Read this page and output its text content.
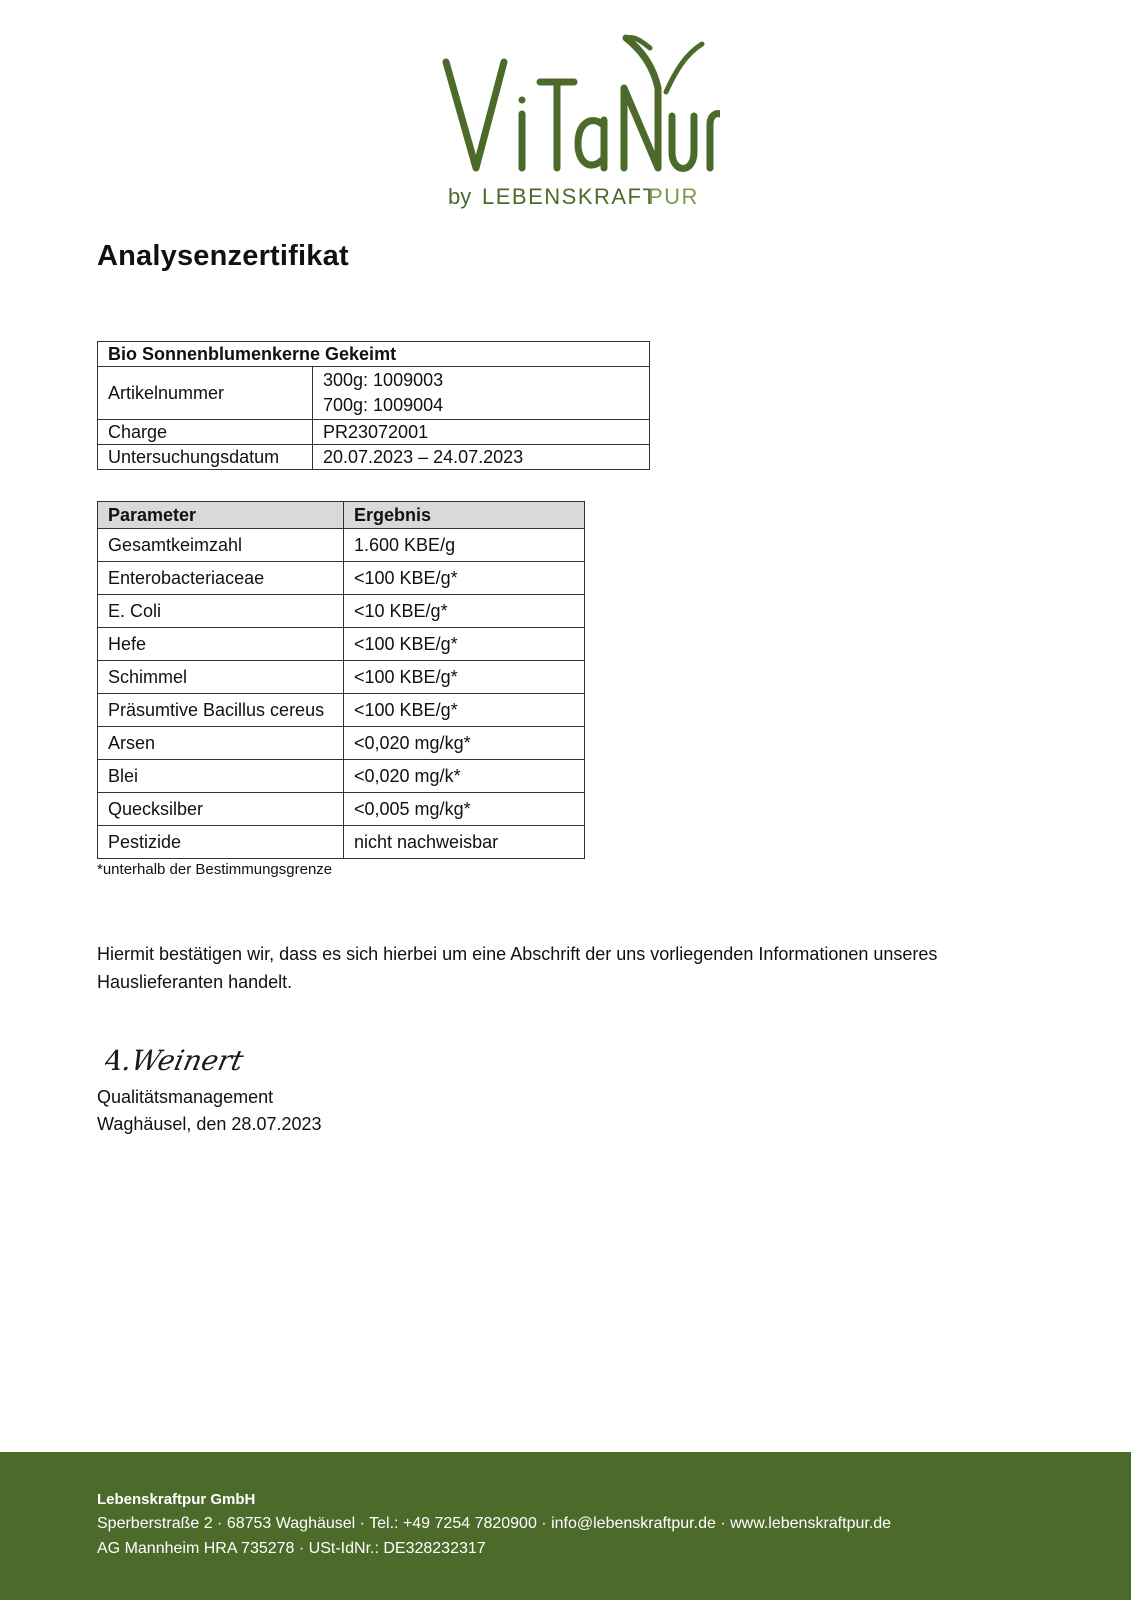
by LEBENSKRAFT
PUR
Analysenzertifikat
Bio Sonnenblumenkerne Gekeimt	
Artikelnummer	300g: 1009003
700g: 1009004

Charge	PR23072001
Untersuchungsdatum	20.07.2023 – 24.07.2023
Parameter	Ergebnis
Gesamtkeimzahl	1.600 KBE/g
Enterobacteriaceae	<100 KBE/g*
E. Coli	<10 KBE/g*
Hefe	<100 KBE/g*
Schimmel	<100 KBE/g*
Präsumtive Bacillus cereus	<100 KBE/g*
Arsen	<0,020 mg/kg*
Blei	<0,020 mg/k*
Quecksilber	<0,005 mg/kg*
Pestizide	nicht nachweisbar
*unterhalb der Bestimmungsgrenze

Hiermit bestätigen wir, dass es sich hierbei um eine Abschrift der uns vorliegenden Informationen unseres Hauslieferanten handelt.

A.Weinert
Qualitätsmanagement
Waghäusel, den 28.07.2023
Lebenskraftpur GmbH
Sperberstraße 2 · 68753 Waghäusel · Tel.: +49 7254 7820900 · info@lebenskraftpur.de · www.lebenskraftpur.de
AG Mannheim HRA 735278 · USt-IdNr.: DE328232317
